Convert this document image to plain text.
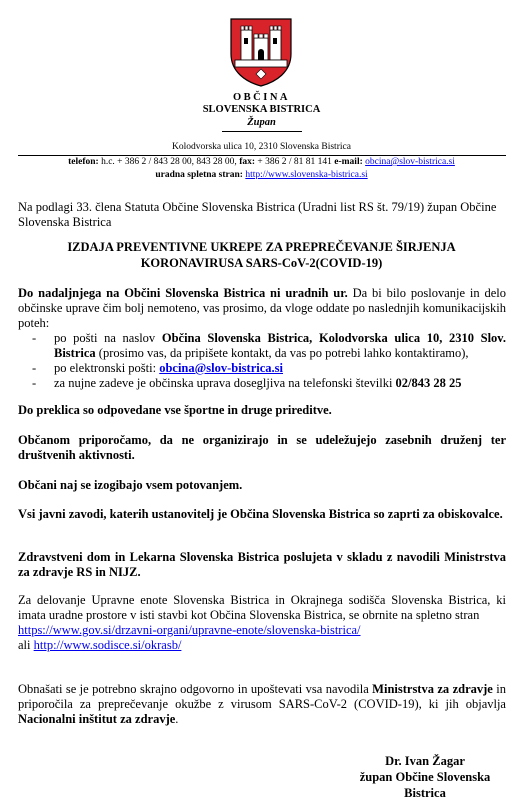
OBČINA
SLOVENSKA BISTRICA
Župan
Kolodvorska ulica 10, 2310 Slovenska Bistrica
telefon: h.c. + 386 2 / 843 28 00, 843 28 00, fax: + 386 2 / 81 81 141 e-mail: obcina@slov-bistrica.si
uradna spletna stran: http://www.slovenska-bistrica.si
Na podlagi 33. člena Statuta Občine Slovenska Bistrica (Uradni list RS št. 79/19) župan Občine Slovenska Bistrica
IZDAJA PREVENTIVNE UKREPE ZA PREPREČEVANJE ŠIRJENJA
KORONAVIRUSA SARS-CoV-2(COVID-19)
Do nadaljnjega na Občini Slovenska Bistrica ni uradnih ur. Da bi bilo poslovanje in delo občinske uprave čim bolj nemoteno, vas prosimo, da vloge oddate po naslednjih komunikacijskih poteh:
- po pošti na naslov Občina Slovenska Bistrica, Kolodvorska ulica 10, 2310 Slov. Bistrica (prosimo vas, da pripišete kontakt, da vas po potrebi lahko kontaktiramo),
- po elektronski pošti: obcina@slov-bistrica.si
- za nujne zadeve je občinska uprava dosegljiva na telefonski številki 02/843 28 25
Do preklica so odpovedane vse športne in druge prireditve.
Občanom priporočamo, da ne organizirajo in se udeležujejo zasebnih druženj ter društvenih aktivnosti.
Občani naj se izogibajo vsem potovanjem.
Vsi javni zavodi, katerih ustanovitelj je Občina Slovenska Bistrica so zaprti za obiskovalce.
Zdravstveni dom in Lekarna Slovenska Bistrica poslujeta v skladu z navodili Ministrstva za zdravje RS in NIJZ.
Za delovanje Upravne enote Slovenska Bistrica in Okrajnega sodišča Slovenska Bistrica, ki imata uradne prostore v isti stavbi kot Občina Slovenska Bistrica, se obrnite na spletno stran
https://www.gov.si/drzavni-organi/upravne-enote/slovenska-bistrica/
ali http://www.sodisce.si/okrasb/
Obnašati se je potrebno skrajno odgovorno in upoštevati vsa navodila Ministrstva za zdravje in priporočila za preprečevanje okužbe z virusom SARS-CoV-2 (COVID-19), ki jih objavlja Nacionalni inštitut za zdravje.
Dr. Ivan Žagar
župan Občine Slovenska Bistrica
